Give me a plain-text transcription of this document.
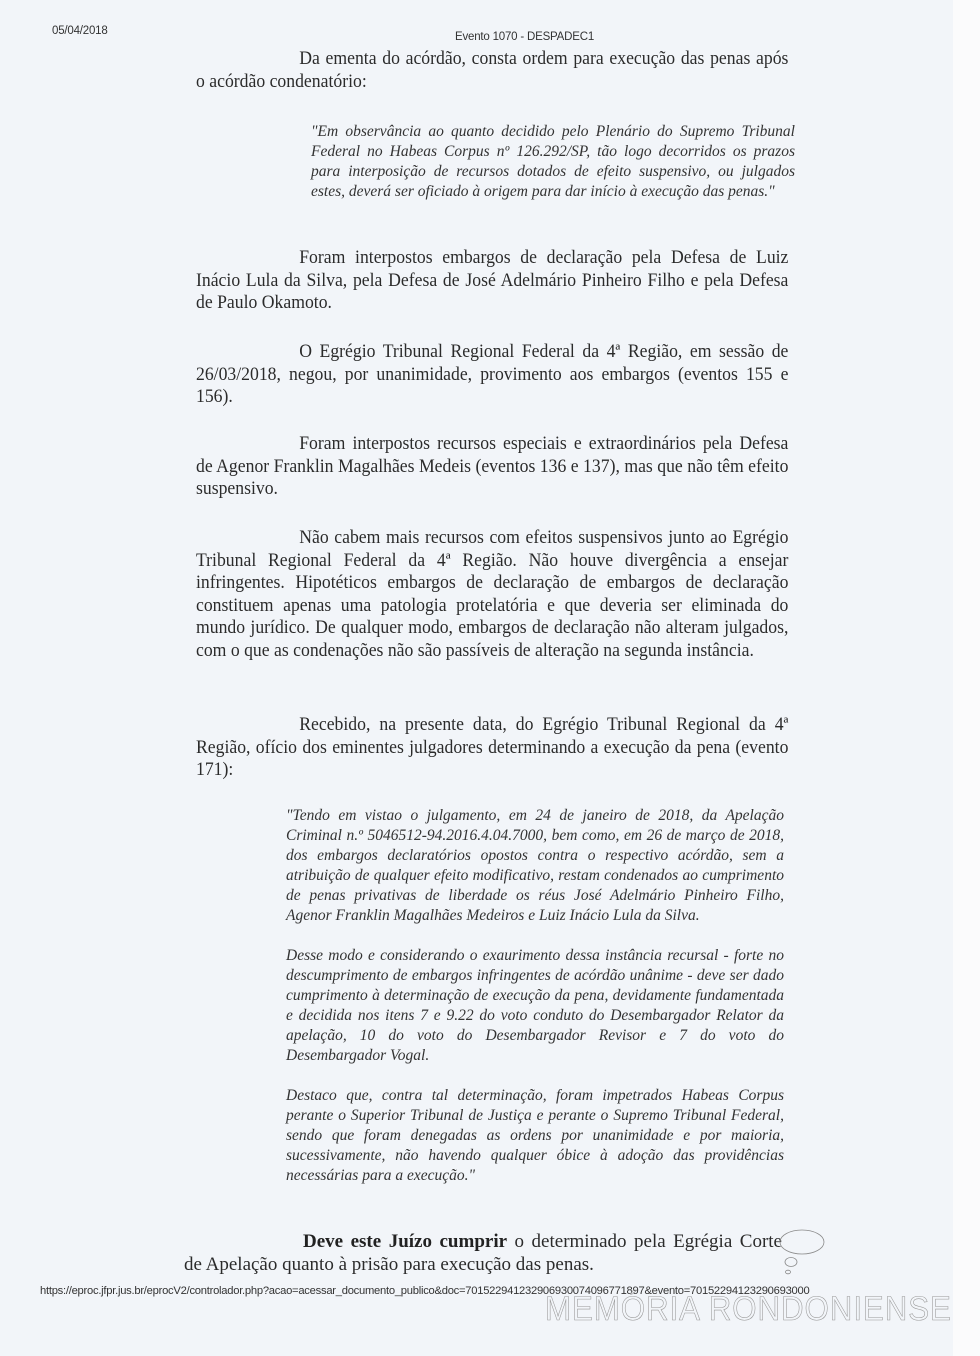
05/04/2018	Evento 1070 - DESPADEC1
Da ementa do acórdão, consta ordem para execução das penas após o acórdão condenatório:
"Em observância ao quanto decidido pelo Plenário do Supremo Tribunal Federal no Habeas Corpus nº 126.292/SP, tão logo decorridos os prazos para interposição de recursos dotados de efeito suspensivo, ou julgados estes, deverá ser oficiado à origem para dar início à execução das penas."
Foram interpostos embargos de declaração pela Defesa de Luiz Inácio Lula da Silva, pela Defesa de José Adelmário Pinheiro Filho e pela Defesa de Paulo Okamoto.
O Egrégio Tribunal Regional Federal da 4ª Região, em sessão de 26/03/2018, negou, por unanimidade, provimento aos embargos (eventos 155 e 156).
Foram interpostos recursos especiais e extraordinários pela Defesa de Agenor Franklin Magalhães Medeis (eventos 136 e 137), mas que não têm efeito suspensivo.
Não cabem mais recursos com efeitos suspensivos junto ao Egrégio Tribunal Regional Federal da 4ª Região. Não houve divergência a ensejar infringentes. Hipotéticos embargos de declaração de embargos de declaração constituem apenas uma patologia protelatória e que deveria ser eliminada do mundo jurídico. De qualquer modo, embargos de declaração não alteram julgados, com o que as condenações não são passíveis de alteração na segunda instância.
Recebido, na presente data, do Egrégio Tribunal Regional da 4ª Região, ofício dos eminentes julgadores determinando a execução da pena (evento 171):

"Tendo em vistao o julgamento, em 24 de janeiro de 2018, da Apelação Criminal n.º 5046512-94.2016.4.04.7000, bem como, em 26 de março de 2018, dos embargos declaratórios opostos contra o respectivo acórdão, sem a atribuição de qualquer efeito modificativo, restam condenados ao cumprimento de penas privativas de liberdade os réus José Adelmário Pinheiro Filho, Agenor Franklin Magalhães Medeiros e Luiz Inácio Lula da Silva.

Desse modo e considerando o exaurimento dessa instância recursal - forte no descumprimento de embargos infringentes de acórdão unânime - deve ser dado cumprimento à determinação de execução da pena, devidamente fundamentada e decidida nos itens 7 e 9.22 do voto conduto do Desembargador Relator da apelação, 10 do voto do Desembargador Revisor e 7 do voto do Desembargador Vogal.

Destaco que, contra tal determinação, foram impetrados Habeas Corpus perante o Superior Tribunal de Justiça e perante o Supremo Tribunal Federal, sendo que foram denegadas as ordens por unanimidade e por maioria, sucessivamente, não havendo qualquer óbice à adoção das providências necessárias para a execução."

Deve este Juízo cumprir o determinado pela Egrégia Corte de Apelação quanto à prisão para execução das penas.
https://eproc.jfpr.jus.br/eprocV2/controlador.php?acao=acessar_documento_publico&doc=701522941232906930074096771897&evento=70152294123290693000
MEMÓRIA RONDONIENSE
